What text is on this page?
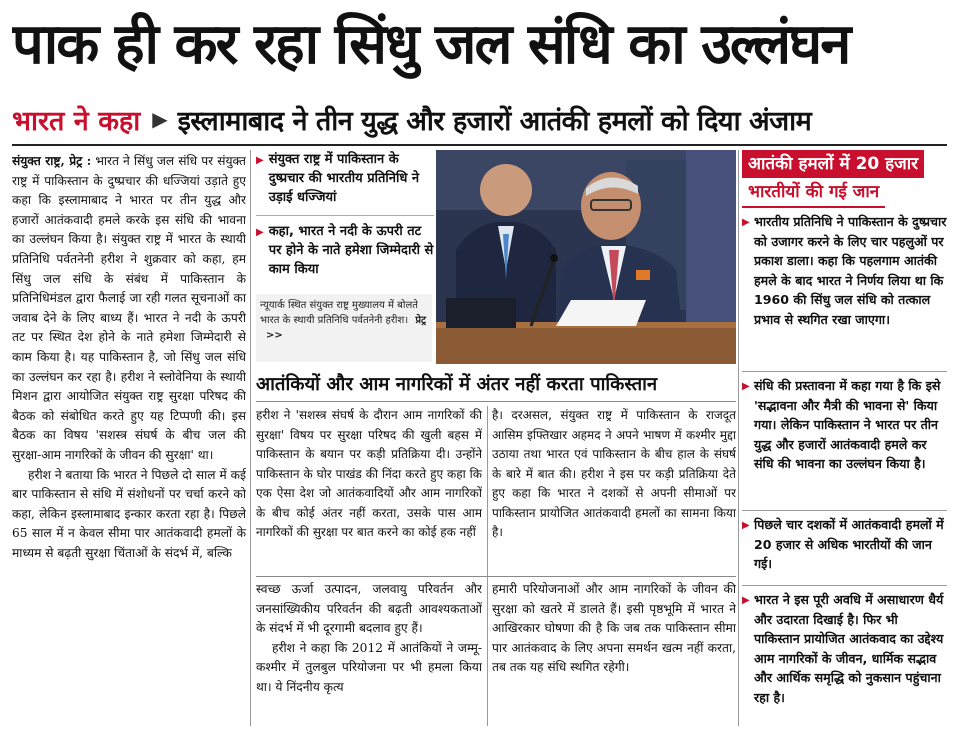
पाक ही कर रहा सिंधु जल संधि का उल्लंघन
भारत ने कहा ▶ इस्लामाबाद ने तीन युद्ध और हजारों आतंकी हमलों को दिया अंजाम

संयुक्त राष्ट्र, प्रेट्र : भारत ने सिंधु जल संधि पर संयुक्त राष्ट्र में पाकिस्तान के दुष्प्रचार की धज्जियां उड़ाते हुए कहा कि इस्लामाबाद ने भारत पर तीन युद्ध और हजारों आतंकवादी हमले करके इस संधि की भावना का उल्लंघन किया है। संयुक्त राष्ट्र में भारत के स्थायी प्रतिनिधि पर्वतनेनी हरीश ने शुक्रवार को कहा, हम सिंधु जल संधि के संबंध में पाकिस्तान के प्रतिनिधिमंडल द्वारा फैलाई जा रही गलत सूचनाओं का जवाब देने के लिए बाध्य हैं। भारत ने नदी के ऊपरी तट पर स्थित देश होने के नाते हमेशा जिम्मेदारी से काम किया है। यह पाकिस्तान है, जो सिंधु जल संधि का उल्लंघन कर रहा है। हरीश ने स्लोवेनिया के स्थायी मिशन द्वारा आयोजित संयुक्त राष्ट्र सुरक्षा परिषद की बैठक को संबोधित करते हुए यह टिप्पणी की। इस बैठक का विषय 'सशस्त्र संघर्ष के बीच जल की सुरक्षा-आम नागरिकों के जीवन की सुरक्षा' था।

हरीश ने बताया कि भारत ने पिछले दो साल में कई बार पाकिस्तान से संधि में संशोधनों पर चर्चा करने को कहा, लेकिन इस्लामाबाद इन्कार करता रहा है। पिछले 65 साल में न केवल सीमा पार आतंकवादी हमलों के माध्यम से बढ़ती सुरक्षा चिंताओं के संदर्भ में, बल्कि

▶ संयुक्त राष्ट्र में पाकिस्तान के दुष्प्रचार की भारतीय प्रतिनिधि ने उड़ाई धज्जियां
▶ कहा, भारत ने नदी के ऊपरी तट पर होने के नाते हमेशा जिम्मेदारी से काम किया
न्यूयार्क स्थित संयुक्त राष्ट्र मुख्यालय में बोलते भारत के स्थायी प्रतिनिधि पर्वतनेनी हरीश। प्रेट्र >>
आतंकियों और आम नागरिकों में अंतर नहीं करता पाकिस्तान

हरीश ने 'सशस्त्र संघर्ष के दौरान आम नागरिकों की सुरक्षा' विषय पर सुरक्षा परिषद की खुली बहस में पाकिस्तान के बयान पर कड़ी प्रतिक्रिया दी। उन्होंने पाकिस्तान के घोर पाखंड की निंदा करते हुए कहा कि एक ऐसा देश जो आतंकवादियों और आम नागरिकों के बीच कोई अंतर नहीं करता, उसके पास आम नागरिकों की सुरक्षा पर बात करने का कोई हक नहीं

है। दरअसल, संयुक्त राष्ट्र में पाकिस्तान के राजदूत आसिम इफ्तिखार अहमद ने अपने भाषण में कश्मीर मुद्दा उठाया तथा भारत एवं पाकिस्तान के बीच हाल के संघर्ष के बारे में बात की। हरीश ने इस पर कड़ी प्रतिक्रिया देते हुए कहा कि भारत ने दशकों से अपनी सीमाओं पर पाकिस्तान प्रायोजित आतंकवादी हमलों का सामना किया है।

स्वच्छ ऊर्जा उत्पादन, जलवायु परिवर्तन और जनसांख्यिकीय परिवर्तन की बढ़ती आवश्यकताओं के संदर्भ में भी दूरगामी बदलाव हुए हैं।

हरीश ने कहा कि 2012 में आतंकियों ने जम्मू-कश्मीर में तुलबुल परियोजना पर भी हमला किया था। ये निंदनीय कृत्य

हमारी परियोजनाओं और आम नागरिकों के जीवन की सुरक्षा को खतरे में डालते हैं। इसी पृष्ठभूमि में भारत ने आखिरकार घोषणा की है कि जब तक पाकिस्तान सीमा पार आतंकवाद के लिए अपना समर्थन खत्म नहीं करता, तब तक यह संधि स्थगित रहेगी।

आतंकी हमलों में 20 हजार
भारतीयों की गई जान
▶ भारतीय प्रतिनिधि ने पाकिस्तान के दुष्प्रचार को उजागर करने के लिए चार पहलुओं पर प्रकाश डाला। कहा कि पहलगाम आतंकी हमले के बाद भारत ने निर्णय लिया था कि 1960 की सिंधु जल संधि को तत्काल प्रभाव से स्थगित रखा जाएगा।

▶ संधि की प्रस्तावना में कहा गया है कि इसे 'सद्भावना और मैत्री की भावना से' किया गया। लेकिन पाकिस्तान ने भारत पर तीन युद्ध और हजारों आतंकवादी हमले कर संधि की भावना का उल्लंघन किया है।

▶ पिछले चार दशकों में आतंकवादी हमलों में 20 हजार से अधिक भारतीयों की जान गई।

▶ भारत ने इस पूरी अवधि में असाधारण धैर्य और उदारता दिखाई है। फिर भी पाकिस्तान प्रायोजित आतंकवाद का उद्देश्य आम नागरिकों के जीवन, धार्मिक सद्भाव और आर्थिक समृद्धि को नुकसान पहुंचाना रहा है।
